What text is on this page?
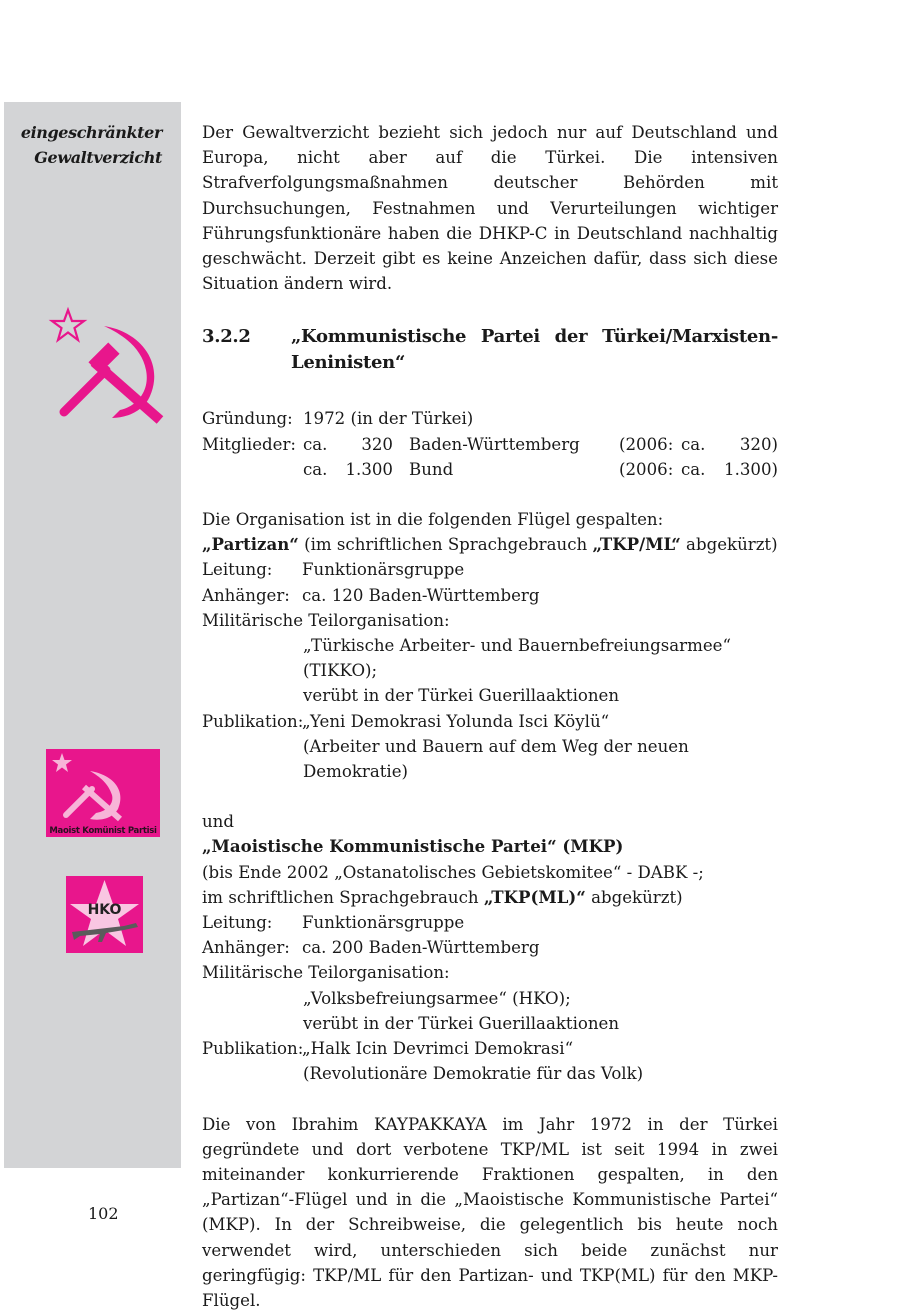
eingeschränkter
Gewaltverzicht
Maoist Komünist Partisi
HKO

Der Gewaltverzicht bezieht sich jedoch nur auf Deutschland und Europa, nicht aber auf die Türkei. Die intensiven Strafverfolgungsmaßnahmen deutscher Behörden mit Durchsuchungen, Festnahmen und Verurteilungen wichtiger Führungsfunktionäre haben die DHKP-C in Deutschland nachhaltig geschwächt. Derzeit gibt es keine Anzeichen dafür, dass sich diese Situation ändern wird.

3.2.2	„Kommunistische Partei der Türkei/Marxisten-Leninisten“
Gründung: 1972 (in der Türkei)
Mitglieder: ca.	320 Baden-Württemberg	(2006: ca.	320)
ca.	1.300 Bund	(2006: ca.	1.300)

Die Organisation ist in die folgenden Flügel gespalten:

„Partizan“ (im schriftlichen Sprachgebrauch „TKP/ML“ abgekürzt)

Leitung:	Funktionärsgruppe
Anhänger: ca. 120 Baden-Württemberg

Militärische Teilorganisation:

„Türkische Arbeiter- und Bauernbefreiungsarmee“ (TIKKO);

verübt in der Türkei Guerillaaktionen

Publikation:
„Yeni Demokrasi Yolunda Isci Köylü“

(Arbeiter und Bauern auf dem Weg der neuen Demokratie)

und

„Maoistische Kommunistische Partei“ (MKP)

(bis Ende 2002 „Ostanatolisches Gebietskomitee“ - DABK -;

im schriftlichen Sprachgebrauch „TKP(ML)“ abgekürzt)

Leitung:	Funktionärsgruppe
Anhänger: ca. 200 Baden-Württemberg

Militärische Teilorganisation:

„Volksbefreiungsarmee“ (HKO);

verübt in der Türkei Guerillaaktionen

Publikation:
„Halk Icin Devrimci Demokrasi“

(Revolutionäre Demokratie für das Volk)

Die von Ibrahim KAYPAKKAYA im Jahr 1972 in der Türkei gegründete und dort verbotene TKP/ML ist seit 1994 in zwei miteinander konkurrierende Fraktionen gespalten, in den „Partizan“-Flügel und in die „Maoistische Kommunistische Partei“ (MKP). In der Schreibweise, die gelegentlich bis heute noch verwendet wird, unterschieden sich beide zunächst nur geringfügig: TKP/ML für den Partizan- und TKP(ML) für den MKP-Flügel.

102
